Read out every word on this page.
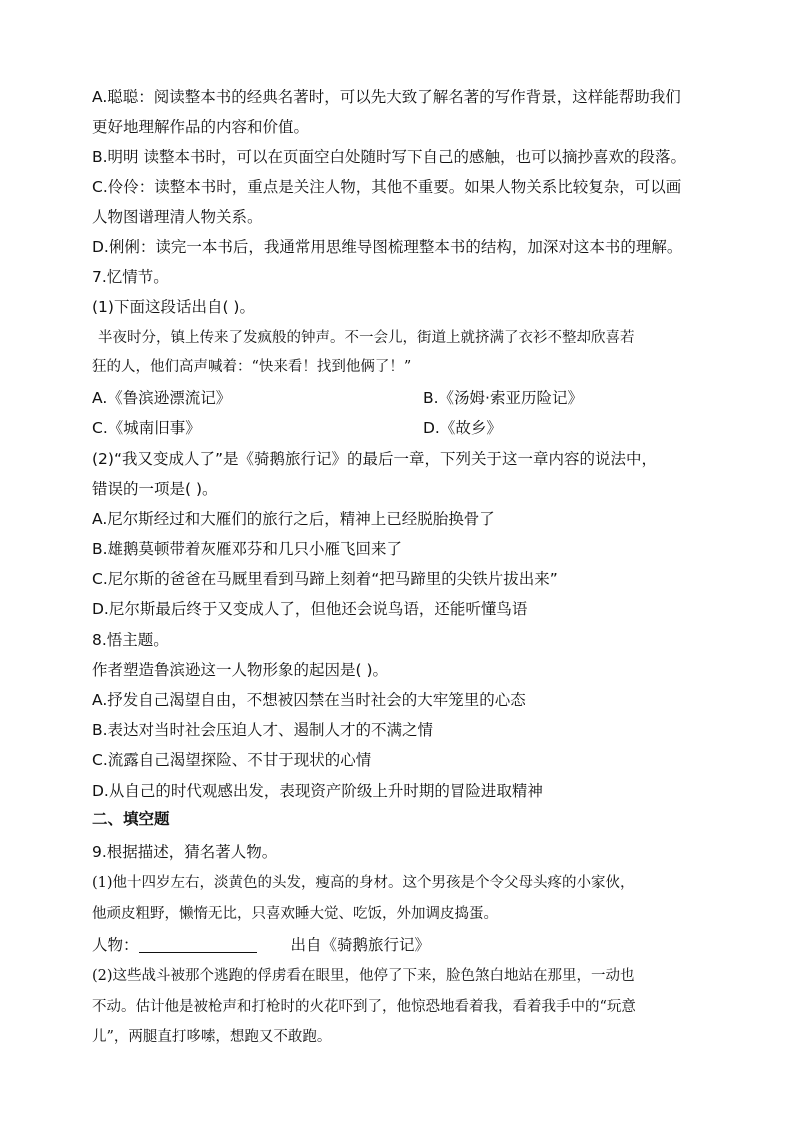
A.聪聪：阅读整本书的经典名著时，可以先大致了解名著的写作背景，这样能帮助我们
更好地理解作品的内容和价值。
B.明明 读整本书时，可以在页面空白处随时写下自己的感触，也可以摘抄喜欢的段落。
C.伶伶：读整本书时，重点是关注人物，其他不重要。如果人物关系比较复杂，可以画
人物图谱理清人物关系。
D.俐俐：读完一本书后，我通常用思维导图梳理整本书的结构，加深对这本书的理解。
7.忆情节。
(1)下面这段话出自( )。
半夜时分，镇上传来了发疯般的钟声。不一会儿，街道上就挤满了衣衫不整却欣喜若
狂的人，他们高声喊着：“快来看！找到他俩了！”
A.《鲁滨逊漂流记》	B.《汤姆·索亚历险记》
C.《城南旧事》	D.《故乡》
(2)“我又变成人了”是《骑鹅旅行记》的最后一章，下列关于这一章内容的说法中，
错误的一项是( )。
A.尼尔斯经过和大雁们的旅行之后，精神上已经脱胎换骨了
B.雄鹅莫顿带着灰雁邓芬和几只小雁飞回来了
C.尼尔斯的爸爸在马厩里看到马蹄上刻着“把马蹄里的尖铁片拔出来”
D.尼尔斯最后终于又变成人了，但他还会说鸟语，还能听懂鸟语
8.悟主题。
作者塑造鲁滨逊这一人物形象的起因是( )。
A.抒发自己渴望自由，不想被囚禁在当时社会的大牢笼里的心态
B.表达对当时社会压迫人才、遏制人才的不满之情
C.流露自己渴望探险、不甘于现状的心情
D.从自己的时代观感出发，表现资产阶级上升时期的冒险进取精神
二、填空题
9.根据描述，猜名著人物。
(1)他十四岁左右，淡黄色的头发，瘦高的身材。这个男孩是个令父母头疼的小家伙，
他顽皮粗野，懒惰无比，只喜欢睡大觉、吃饭，外加调皮捣蛋。
人物：	出自《骑鹅旅行记》
(2)这些战斗被那个逃跑的俘虏看在眼里，他停了下来，脸色煞白地站在那里，一动也
不动。估计他是被枪声和打枪时的火花吓到了，他惊恐地看着我，看着我手中的“玩意
儿”，两腿直打哆嗦，想跑又不敢跑。
